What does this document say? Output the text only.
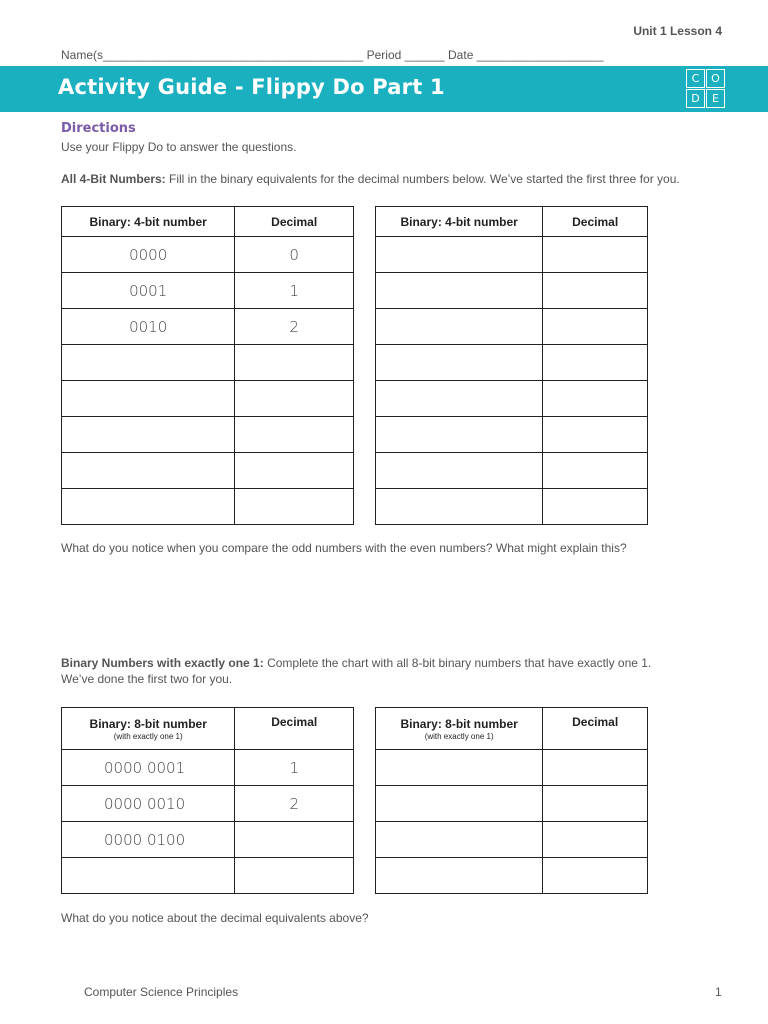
Unit 1 Lesson 4
Name(s_______________________________________ Period ______ Date ___________________
Activity Guide - Flippy Do Part 1	C	O
D	E
Directions
Use your Flippy Do to answer the questions.
All 4-Bit Numbers: Fill in the binary equivalents for the decimal numbers below. We’ve started the first three for you.
Binary: 4-bit number	Decimal
0000	0
0001	1
0010	2

Binary: 4-bit number	Decimal

What do you notice when you compare the odd numbers with the even numbers? What might explain this?
Binary Numbers with exactly one 1: Complete the chart with all 8-bit binary numbers that have exactly one 1.
We’ve done the first two for you.
Binary: 8-bit number
(with exactly one 1)	Decimal
0000 0001	1
0000 0010	2
0000 0100	

Binary: 8-bit number
(with exactly one 1)	Decimal

What do you notice about the decimal equivalents above?
Computer Science Principles	1
